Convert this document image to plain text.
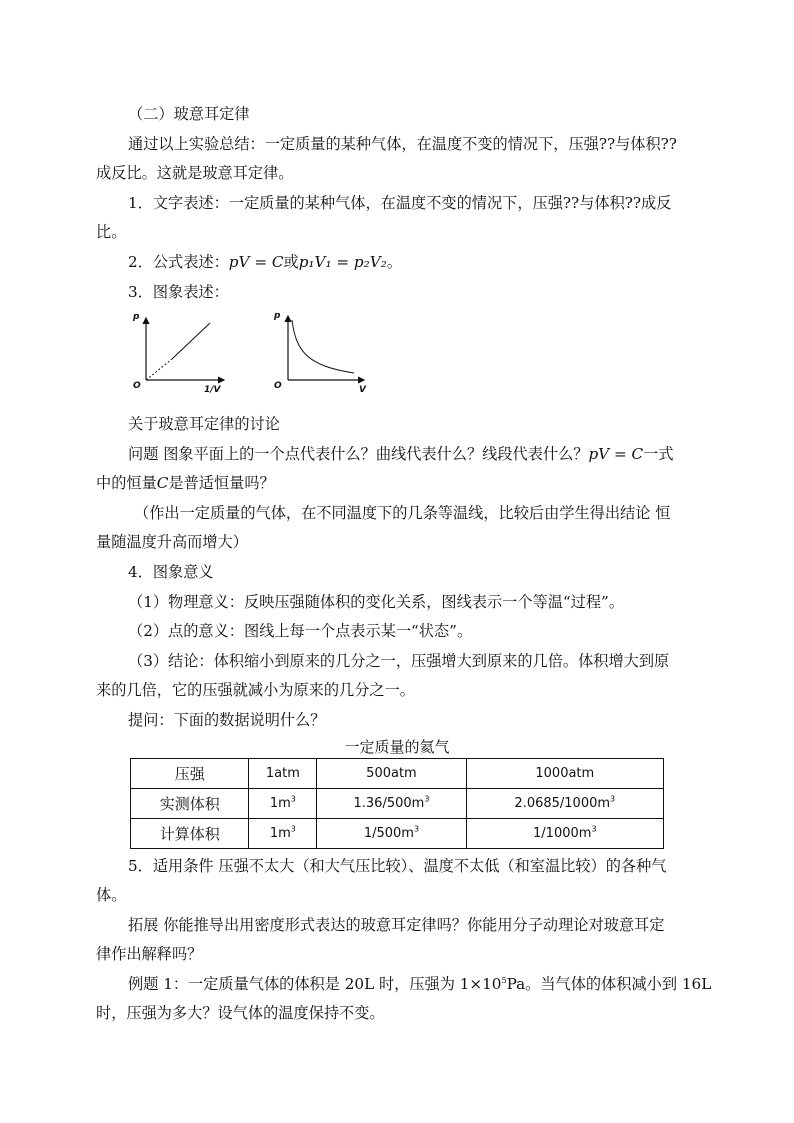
（二）玻意耳定律
通过以上实验总结：一定质量的某种气体，在温度不变的情况下，压强??与体积??
成反比。这就是玻意耳定律。
1．文字表述：一定质量的某种气体，在温度不变的情况下，压强??与体积??成反
比。
2．公式表述：pV = C或p₁V₁ = p₂V₂。
3．图象表述：
p
O	1/V
p
O	V
关于玻意耳定律的讨论
问题 图象平面上的一个点代表什么？曲线代表什么？线段代表什么？pV = C一式
中的恒量C是普适恒量吗？
（作出一定质量的气体，在不同温度下的几条等温线，比较后由学生得出结论 恒
量随温度升高而增大）
4．图象意义
（1）物理意义：反映压强随体积的变化关系，图线表示一个等温“过程”。
（2）点的意义：图线上每一个点表示某一“状态”。
（3）结论：体积缩小到原来的几分之一，压强增大到原来的几倍。体积增大到原
来的几倍，它的压强就减小为原来的几分之一。
提问：下面的数据说明什么？
一定质量的氦气
压强	1atm	500atm	1000atm
实测体积	$1m^3$	$1.36/500m^3$	$2.0685/1000m^3$
计算体积	$1m^3$	$1/500m^3$	$1/1000m^3$
5．适用条件 压强不太大（和大气压比较）、温度不太低（和室温比较）的各种气
体。
拓展 你能推导出用密度形式表达的玻意耳定律吗？你能用分子动理论对玻意耳定
律作出解释吗？
例题 1：一定质量气体的体积是 20L 时，压强为 $1\times 10^5Pa$。当气体的体积减小到 16L
时，压强为多大？设气体的温度保持不变。
